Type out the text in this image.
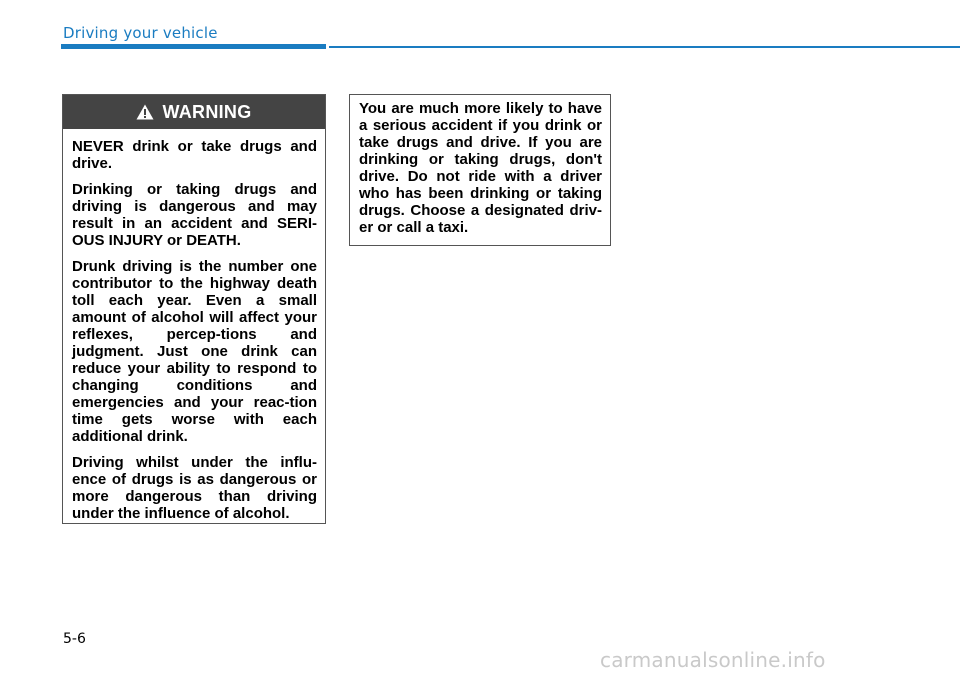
Driving your vehicle
WARNING

NEVER drink or take drugs and drive.

Drinking or taking drugs and driving is dangerous and may result in an accident and SERI-OUS INJURY or DEATH.

Drunk driving is the number one contributor to the highway death toll each year. Even a small amount of alcohol will affect your reflexes, percep-tions and judgment. Just one drink can reduce your ability to respond to changing conditions and emergencies and your reac-tion time gets worse with each additional drink.

Driving whilst under the influ-ence of drugs is as dangerous or more dangerous than driving under the influence of alcohol.

You are much more likely to have a serious accident if you drink or take drugs and drive. If you are drinking or taking drugs, don't drive. Do not ride with a driver who has been drinking or taking drugs. Choose a designated driv-er or call a taxi.

5-6
carmanualsonline.info
